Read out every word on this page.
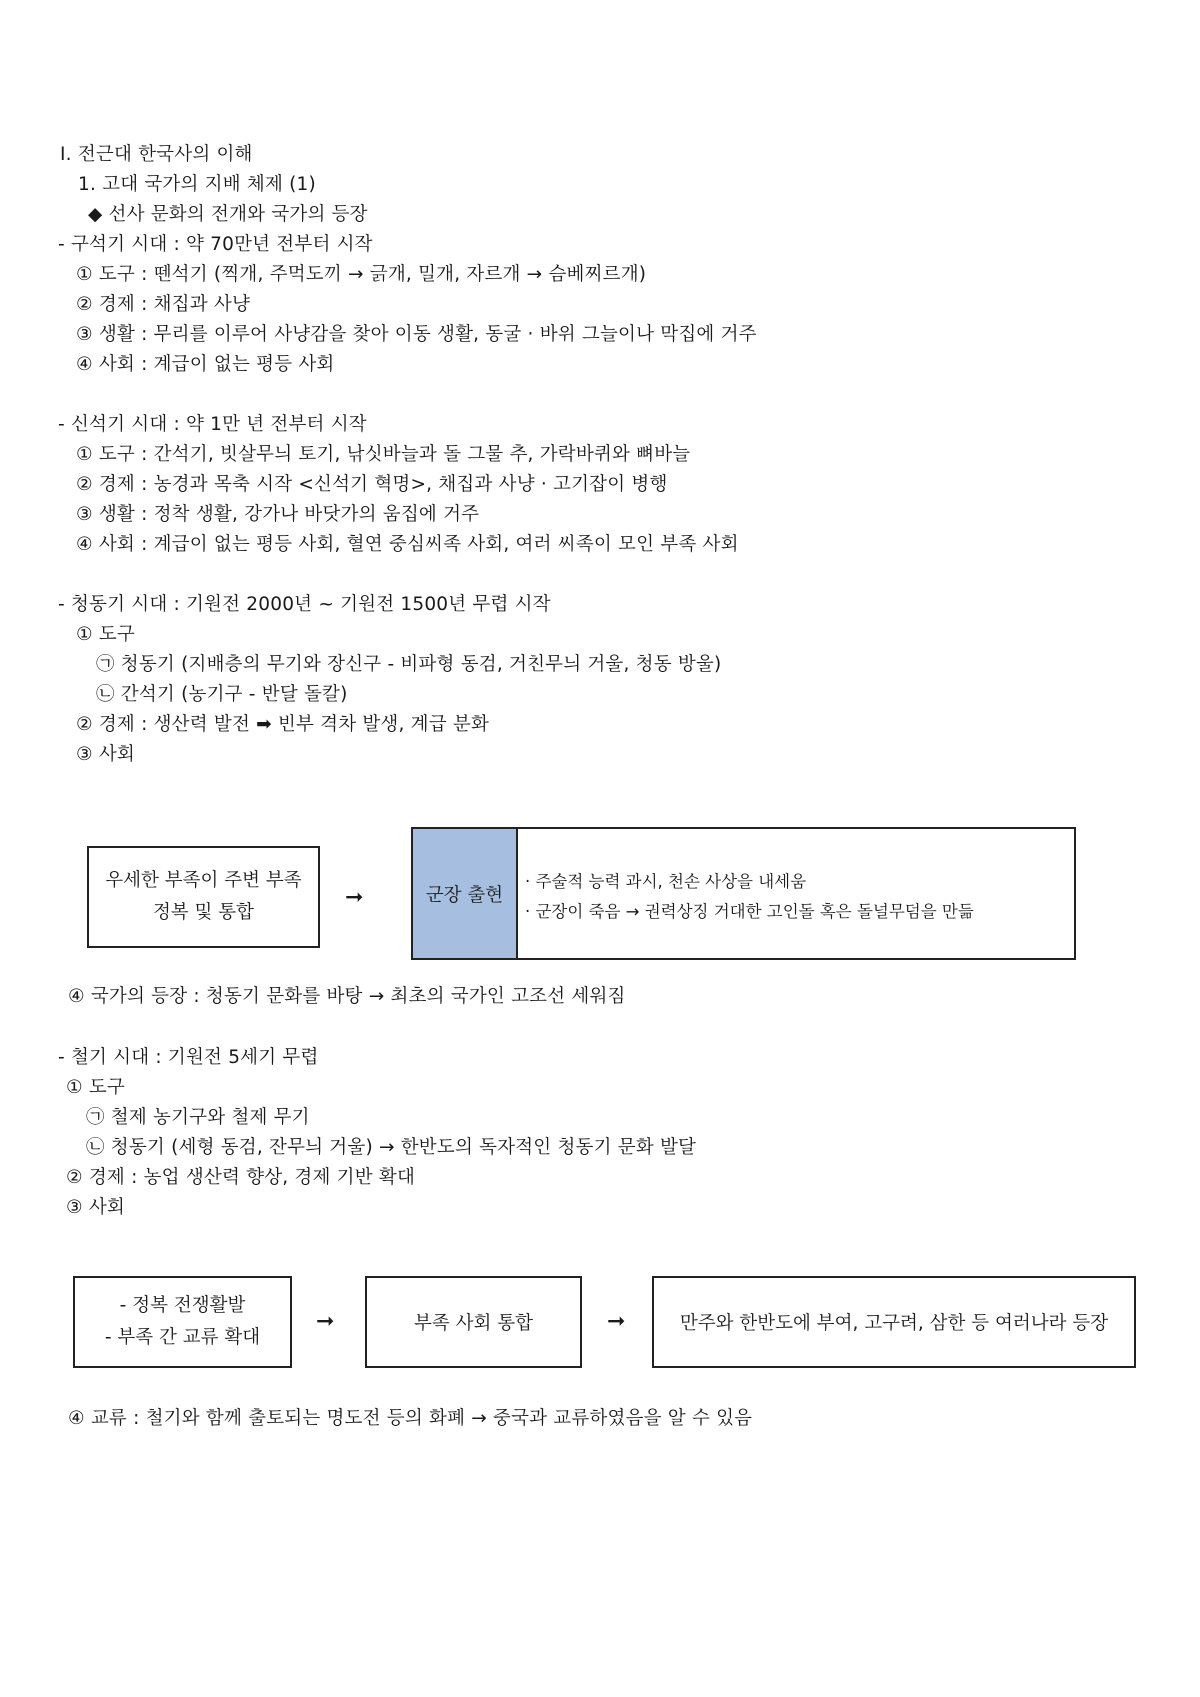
Ⅰ. 전근대 한국사의 이해
1. 고대 국가의 지배 체제 (1)
◆ 선사 문화의 전개와 국가의 등장
- 구석기 시대 : 약 70만년 전부터 시작
① 도구 : 뗀석기 (찍개, 주먹도끼 → 긁개, 밀개, 자르개 → 슴베찌르개)
② 경제 : 채집과 사냥
③ 생활 : 무리를 이루어 사냥감을 찾아 이동 생활, 동굴 · 바위 그늘이나 막집에 거주
④ 사회 : 계급이 없는 평등 사회
- 신석기 시대 : 약 1만 년 전부터 시작
① 도구 : 간석기, 빗살무늬 토기, 낚싯바늘과 돌 그물 추, 가락바퀴와 뼈바늘
② 경제 : 농경과 목축 시작 <신석기 혁명>, 채집과 사냥 · 고기잡이 병행
③ 생활 : 정착 생활, 강가나 바닷가의 움집에 거주
④ 사회 : 계급이 없는 평등 사회, 혈연 중심씨족 사회, 여러 씨족이 모인 부족 사회
- 청동기 시대 : 기원전 2000년 ~ 기원전 1500년 무렵 시작
① 도구
㉠ 청동기 (지배층의 무기와 장신구 - 비파형 동검, 거친무늬 거울, 청동 방울)
㉡ 간석기 (농기구 - 반달 돌칼)
② 경제 : 생산력 발전 ➡ 빈부 격차 발생, 계급 분화
③ 사회
우세한 부족이 주변 부족
정복 및 통합
➞	군장 출현
· 주술적 능력 과시, 천손 사상을 내세움
· 군장이 죽음 → 권력상징 거대한 고인돌 혹은 돌널무덤을 만듦
④ 국가의 등장 : 청동기 문화를 바탕 → 최초의 국가인 고조선 세워짐
- 철기 시대 : 기원전 5세기 무렵
① 도구
㉠ 철제 농기구와 철제 무기
㉡ 청동기 (세형 동검, 잔무늬 거울) → 한반도의 독자적인 청동기 문화 발달
② 경제 : 농업 생산력 향상, 경제 기반 확대
③ 사회
- 정복 전쟁활발
- 부족 간 교류 확대
➞	부족 사회 통합	➞	만주와 한반도에 부여, 고구려, 삼한 등 여러나라 등장
④ 교류 : 철기와 함께 출토되는 명도전 등의 화폐 → 중국과 교류하였음을 알 수 있음
